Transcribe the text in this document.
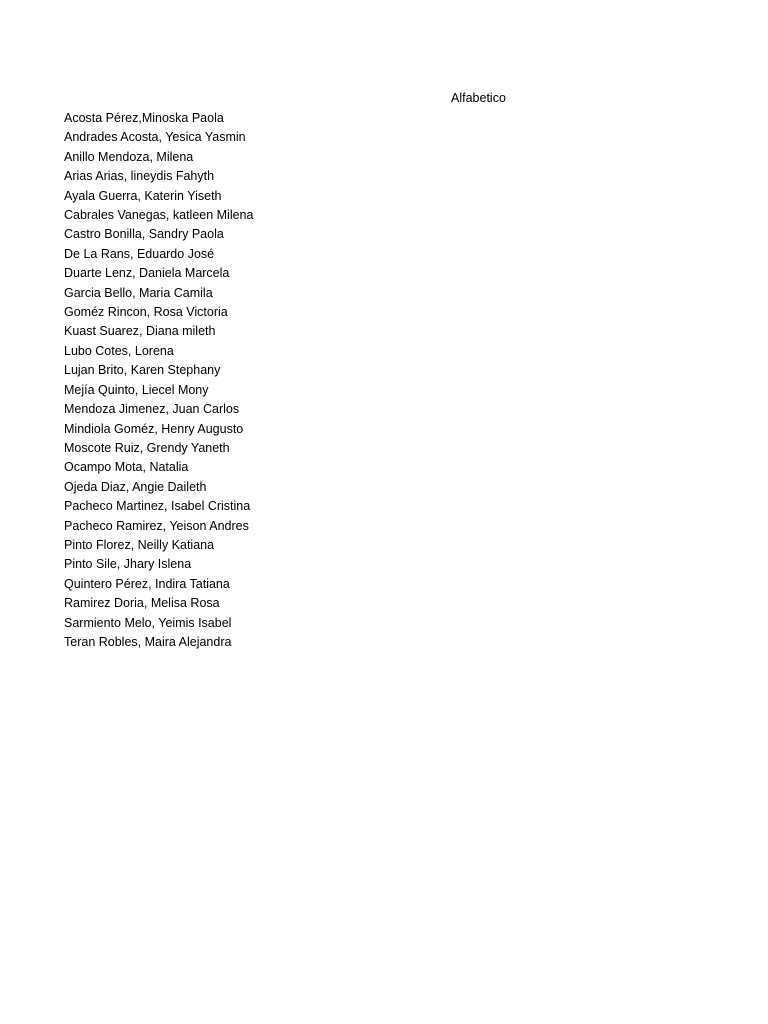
Alfabetico
Acosta Pérez,Minoska Paola
Andrades Acosta, Yesica Yasmin
Anillo Mendoza, Milena
Arias Arias, lineydis Fahyth
Ayala Guerra, Katerin Yiseth
Cabrales Vanegas, katleen Milena
Castro Bonilla, Sandry Paola
De La Rans, Eduardo José
Duarte Lenz, Daniela Marcela
Garcia Bello, Maria Camila
Goméz Rincon, Rosa Victoria
Kuast Suarez, Diana mileth
Lubo Cotes, Lorena
Lujan Brito, Karen Stephany
Mejía Quinto, Liecel Mony
Mendoza Jimenez, Juan Carlos
Mindiola Goméz, Henry Augusto
Moscote Ruiz, Grendy Yaneth
Ocampo Mota, Natalia
Ojeda Diaz, Angie Daileth
Pacheco Martinez, Isabel Cristina
Pacheco Ramirez, Yeison Andres
Pinto Florez, Neilly Katiana
Pinto Sile, Jhary Islena
Quintero Pérez, Indira Tatiana
Ramirez Doria, Melisa Rosa
Sarmiento Melo, Yeimis Isabel
Teran Robles, Maira Alejandra
